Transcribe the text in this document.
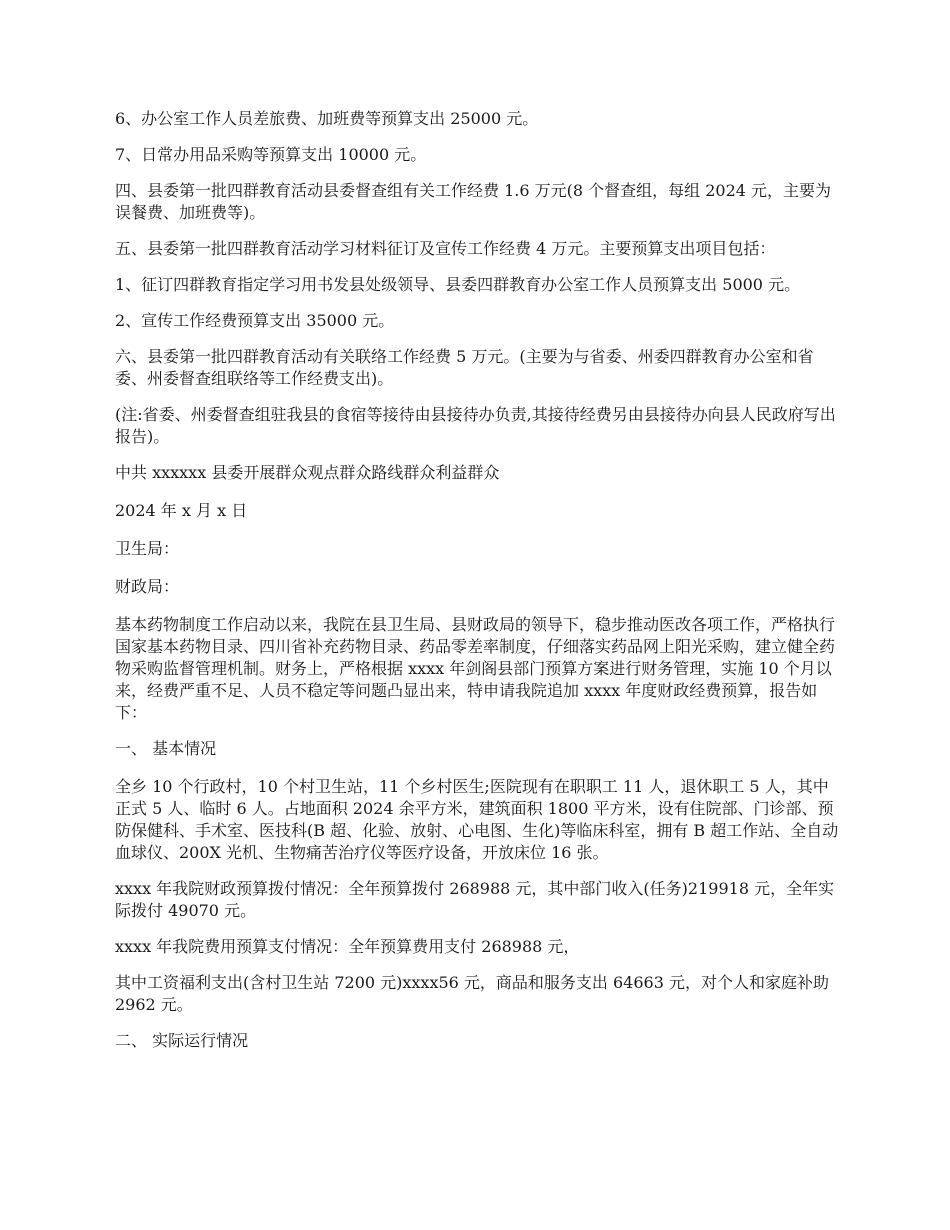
6、办公室工作人员差旅费、加班费等预算支出 25000 元。

7、日常办用品采购等预算支出 10000 元。

四、县委第一批四群教育活动县委督查组有关工作经费 1.6 万元(8 个督查组，每组 2024 元，主要为误餐费、加班费等)。

五、县委第一批四群教育活动学习材料征订及宣传工作经费 4 万元。主要预算支出项目包括：

1、征订四群教育指定学习用书发县处级领导、县委四群教育办公室工作人员预算支出 5000 元。

2、宣传工作经费预算支出 35000 元。

六、县委第一批四群教育活动有关联络工作经费 5 万元。(主要为与省委、州委四群教育办公室和省委、州委督查组联络等工作经费支出)。

(注:省委、州委督查组驻我县的食宿等接待由县接待办负责,其接待经费另由县接待办向县人民政府写出报告)。

中共 xxxxxx 县委开展群众观点群众路线群众利益群众

2024 年 x 月 x 日

卫生局：

财政局：

基本药物制度工作启动以来，我院在县卫生局、县财政局的领导下，稳步推动医改各项工作，严格执行国家基本药物目录、四川省补充药物目录、药品零差率制度，仔细落实药品网上阳光采购，建立健全药物采购监督管理机制。财务上，严格根据 xxxx 年剑阁县部门预算方案进行财务管理，实施 10 个月以来，经费严重不足、人员不稳定等问题凸显出来，特申请我院追加 xxxx 年度财政经费预算，报告如下：

一、 基本情况

全乡 10 个行政村，10 个村卫生站，11 个乡村医生;医院现有在职职工 11 人，退休职工 5 人，其中正式 5 人、临时 6 人。占地面积 2024 余平方米，建筑面积 1800 平方米，设有住院部、门诊部、预防保健科、手术室、医技科(B 超、化验、放射、心电图、生化)等临床科室，拥有 B 超工作站、全自动血球仪、200X 光机、生物痛苦治疗仪等医疗设备，开放床位 16 张。

xxxx 年我院财政预算拨付情况：全年预算拨付 268988 元，其中部门收入(任务)219918 元，全年实际拨付 49070 元。

xxxx 年我院费用预算支付情况：全年预算费用支付 268988 元，

其中工资福利支出(含村卫生站 7200 元)xxxx56 元，商品和服务支出 64663 元，对个人和家庭补助 2962 元。

二、 实际运行情况
